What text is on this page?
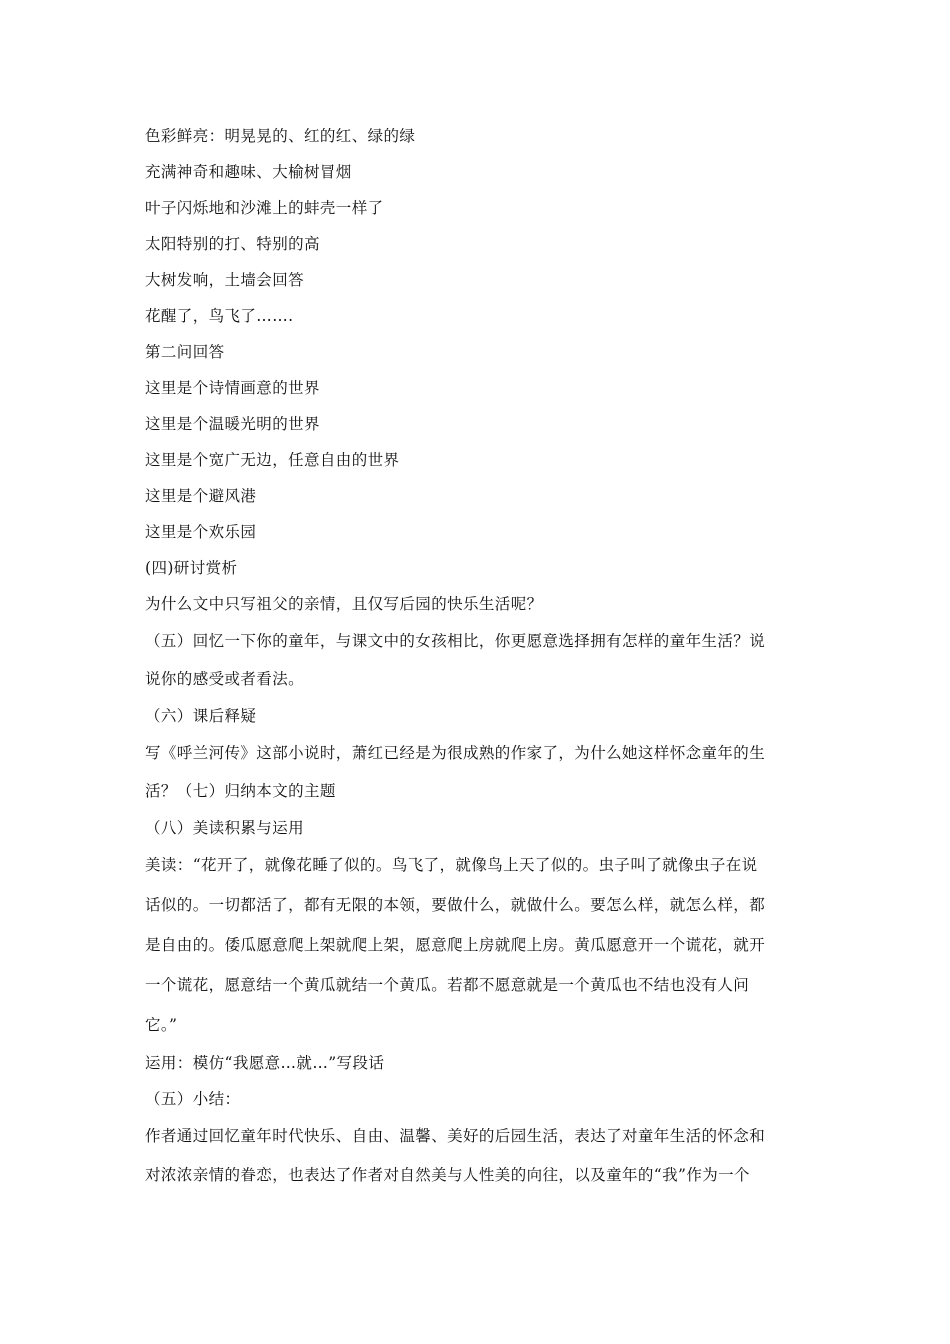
色彩鲜亮：明晃晃的、红的红、绿的绿
充满神奇和趣味、大榆树冒烟
叶子闪烁地和沙滩上的蚌壳一样了
太阳特别的打、特别的高
大树发响，土墙会回答
花醒了，鸟飞了…….
第二问回答
这里是个诗情画意的世界
这里是个温暖光明的世界
这里是个宽广无边，任意自由的世界
这里是个避风港
这里是个欢乐园
(四)研讨赏析
为什么文中只写祖父的亲情，且仅写后园的快乐生活呢？
（五）回忆一下你的童年，与课文中的女孩相比，你更愿意选择拥有怎样的童年生活？说
说你的感受或者看法。
（六）课后释疑
写《呼兰河传》这部小说时，萧红已经是为很成熟的作家了，为什么她这样怀念童年的生
活？（七）归纳本文的主题
（八）美读积累与运用
美读：“花开了，就像花睡了似的。鸟飞了，就像鸟上天了似的。虫子叫了就像虫子在说
话似的。一切都活了，都有无限的本领，要做什么，就做什么。要怎么样，就怎么样，都
是自由的。倭瓜愿意爬上架就爬上架，愿意爬上房就爬上房。黄瓜愿意开一个谎花，就开
一个谎花，愿意结一个黄瓜就结一个黄瓜。若都不愿意就是一个黄瓜也不结也没有人问
它。”
运用：模仿“我愿意…就…”写段话
（五）小结：
作者通过回忆童年时代快乐、自由、温馨、美好的后园生活，表达了对童年生活的怀念和
对浓浓亲情的眷恋，也表达了作者对自然美与人性美的向往，以及童年的“我”作为一个
